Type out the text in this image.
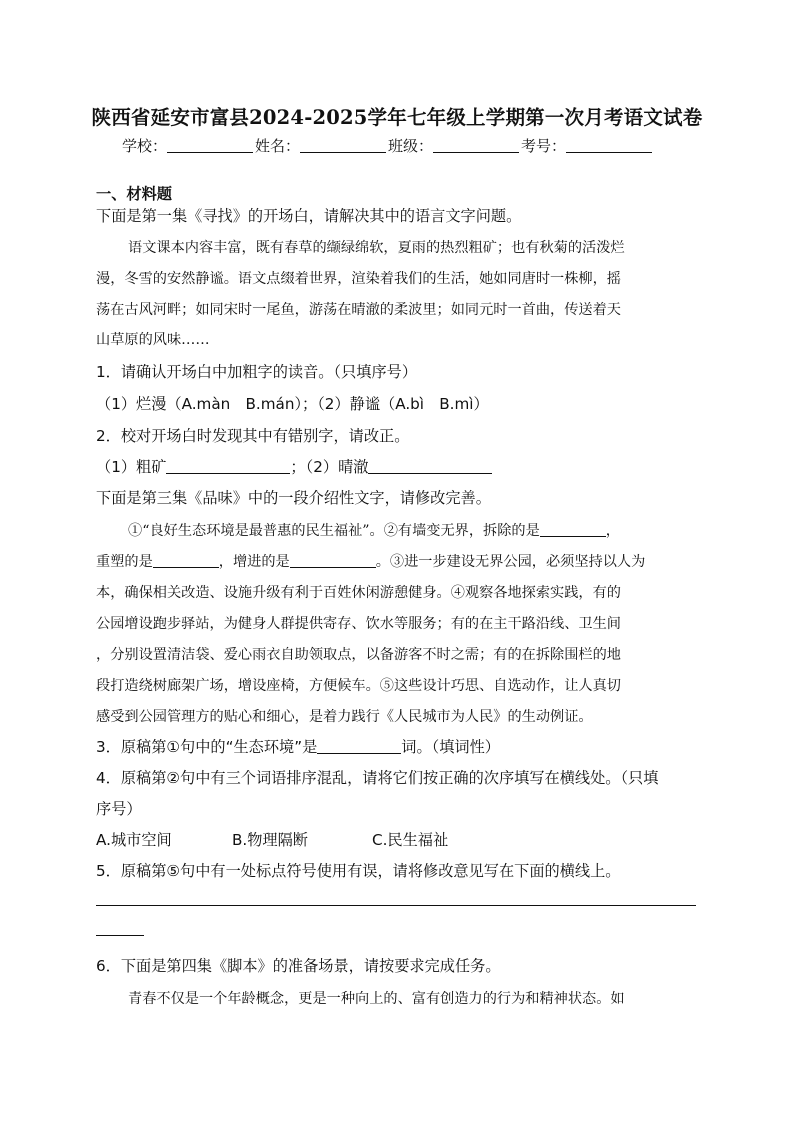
陕西省延安市富县2024-2025学年七年级上学期第一次月考语文试卷
学校：	姓名：	班级：	考号：
一、材料题
下面是第一集《寻找》的开场白，请解决其中的语言文字问题。
语文课本内容丰富，既有春草的缬绿绵软，夏雨的热烈粗矿；也有秋菊的活泼烂
漫，冬雪的安然静谧。语文点缀着世界，渲染着我们的生活，她如同唐时一株柳，摇
荡在古风河畔；如同宋时一尾鱼，游荡在晴澈的柔波里；如同元时一首曲，传送着天
山草原的风味……
1．请确认开场白中加粗字的读音。（只填序号）
（1）烂漫（A.màn　B.mán）；（2）静谧（A.bì　B.mì）
2．校对开场白时发现其中有错别字，请改正。
（1）粗矿	；（2）晴澈
下面是第三集《品味》中的一段介绍性文字，请修改完善。
①“良好生态环境是最普惠的民生福祉”。②有墙变无界，拆除的是	，
重塑的是	，增进的是	。③进一步建设无界公园，必须坚持以人为
本，确保相关改造、设施升级有利于百姓休闲游憩健身。④观察各地探索实践，有的
公园增设跑步驿站，为健身人群提供寄存、饮水等服务；有的在主干路沿线、卫生间
，分别设置清洁袋、爱心雨衣自助领取点，以备游客不时之需；有的在拆除围栏的地
段打造绕树廊架广场，增设座椅，方便候车。⑤这些设计巧思、自选动作，让人真切
感受到公园管理方的贴心和细心，是着力践行《人民城市为人民》的生动例证。
3．原稿第①句中的“生态环境”是	词。（填词性）
4．原稿第②句中有三个词语排序混乱，请将它们按正确的次序填写在横线处。（只填
序号）
A.城市空间	B.物理隔断	C.民生福祉
5．原稿第⑤句中有一处标点符号使用有误，请将修改意见写在下面的横线上。
6．下面是第四集《脚本》的准备场景，请按要求完成任务。
青春不仅是一个年龄概念，更是一种向上的、富有创造力的行为和精神状态。如
